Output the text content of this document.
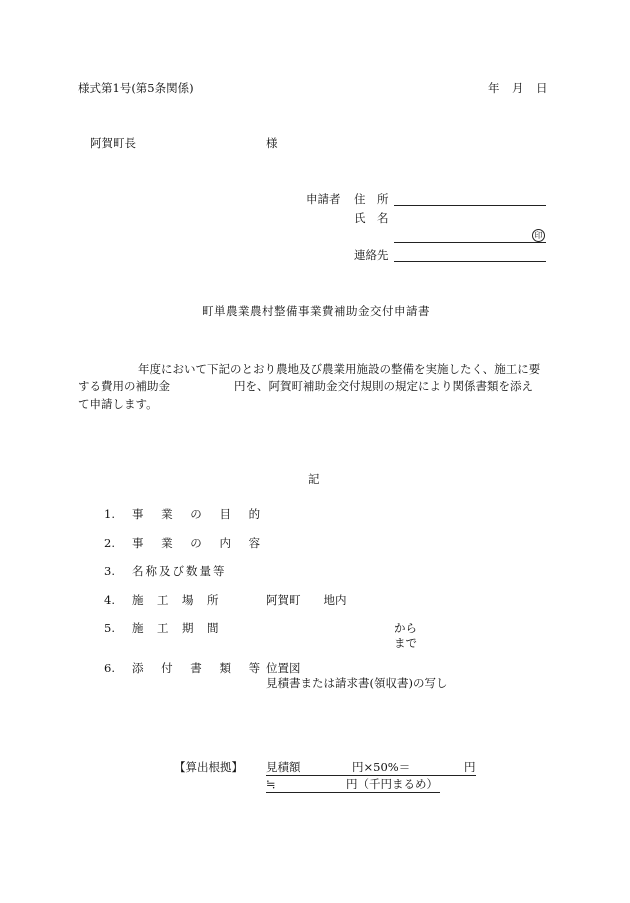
様式第1号(第5条関係)	年 月 日
阿賀町長	様
申請者 住　所
氏　名
印
連絡先
町単農業農村整備事業費補助金交付申請書
年度において下記のとおり農地及び農業用施設の整備を実施したく、施工に要
する費用の補助金	円を、阿賀町補助金交付規則の規定により関係書類を添え
て申請します。
記
1. 事 業 の 目 的
2. 事 業 の 内 容
3. 名称及び数量等
4. 施　工　場　所	阿賀町　　地内
5. 施　工　期　間	から
まで
6. 添 付 書 類 等
位置図
見積書または請求書(領収書)の写し
【算出根拠】 見積額	円×50%＝	円
≒	円（千円まるめ）
